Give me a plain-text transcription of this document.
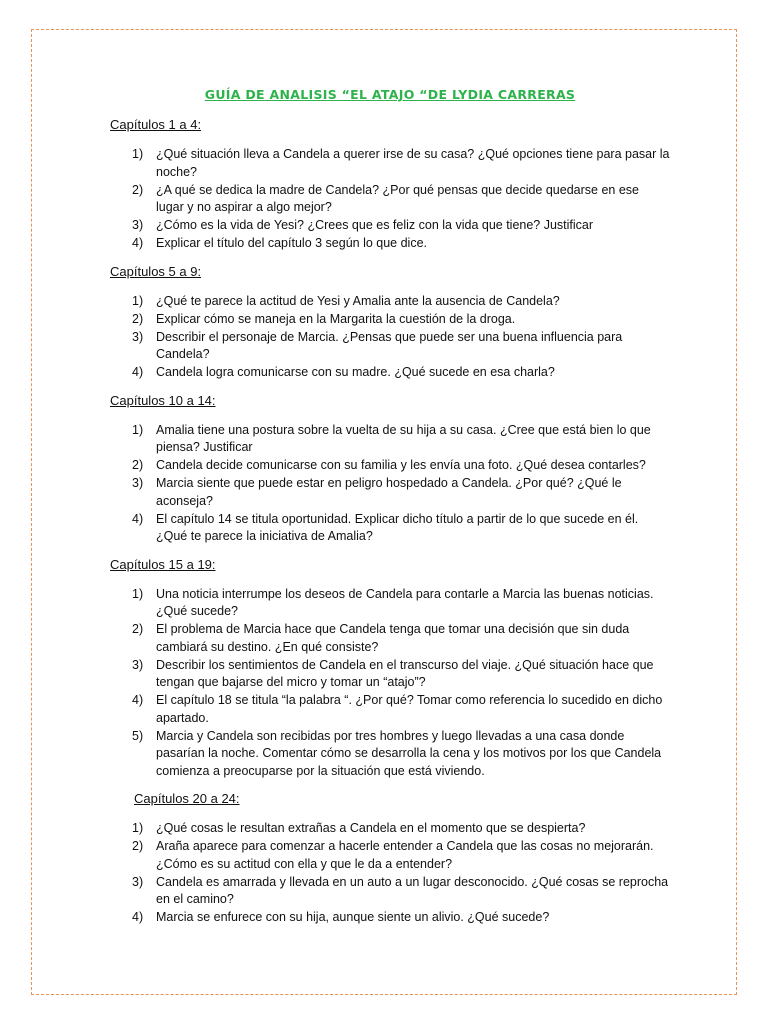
GUÍA DE ANALISIS “EL ATAJO “DE LYDIA CARRERAS
Capítulos 1 a 4:
1)	¿Qué situación lleva a Candela a querer irse de su casa? ¿Qué opciones tiene para pasar la noche?
2)	¿A qué se dedica la madre de Candela? ¿Por qué pensas que decide quedarse en ese lugar y no aspirar a algo mejor?
3)	¿Cómo es la vida de Yesi? ¿Crees que es feliz con la vida que tiene? Justificar
4)	Explicar el título del capítulo 3 según lo que dice.
Capítulos 5 a 9:
1)	¿Qué te parece la actitud de Yesi y Amalia ante la ausencia de Candela?
2)	Explicar cómo se maneja en la Margarita la cuestión de la droga.
3)	Describir el personaje de Marcia. ¿Pensas que puede ser una buena influencia para Candela?
4)	Candela logra comunicarse con su madre. ¿Qué sucede en esa charla?
Capítulos 10 a 14:
1)	Amalia tiene una postura sobre la vuelta de su hija a su casa. ¿Cree que está bien lo que piensa? Justificar
2)	Candela decide comunicarse con su familia y les envía una foto. ¿Qué desea contarles?
3)	Marcia siente que puede estar en peligro hospedado a Candela. ¿Por qué? ¿Qué le aconseja?
4)	El capítulo 14 se titula oportunidad. Explicar dicho título a partir de lo que sucede en él. ¿Qué te parece la iniciativa de Amalia?
Capítulos 15 a 19:
1)	Una noticia interrumpe los deseos de Candela para contarle a Marcia las buenas noticias. ¿Qué sucede?
2)	El problema de Marcia hace que Candela tenga que tomar una decisión que sin duda cambiará su destino. ¿En qué consiste?
3)	Describir los sentimientos de Candela en el transcurso del viaje. ¿Qué situación hace que tengan que bajarse del micro y tomar un “atajo”?
4)	El capítulo 18 se titula “la palabra “. ¿Por qué? Tomar como referencia lo sucedido en dicho apartado.
5)	Marcia y Candela son recibidas por tres hombres y luego llevadas a una casa donde pasarían la noche. Comentar cómo se desarrolla la cena y los motivos por los que Candela comienza a preocuparse por la situación que está viviendo.
Capítulos 20 a 24:
1)	¿Qué cosas le resultan extrañas a Candela en el momento que se despierta?
2)	Araña aparece para comenzar a hacerle entender a Candela que las cosas no mejorarán. ¿Cómo es su actitud con ella y que le da a entender?
3)	Candela es amarrada y llevada en un auto a un lugar desconocido. ¿Qué cosas se reprocha en el camino?
4)	Marcia se enfurece con su hija, aunque siente un alivio. ¿Qué sucede?
